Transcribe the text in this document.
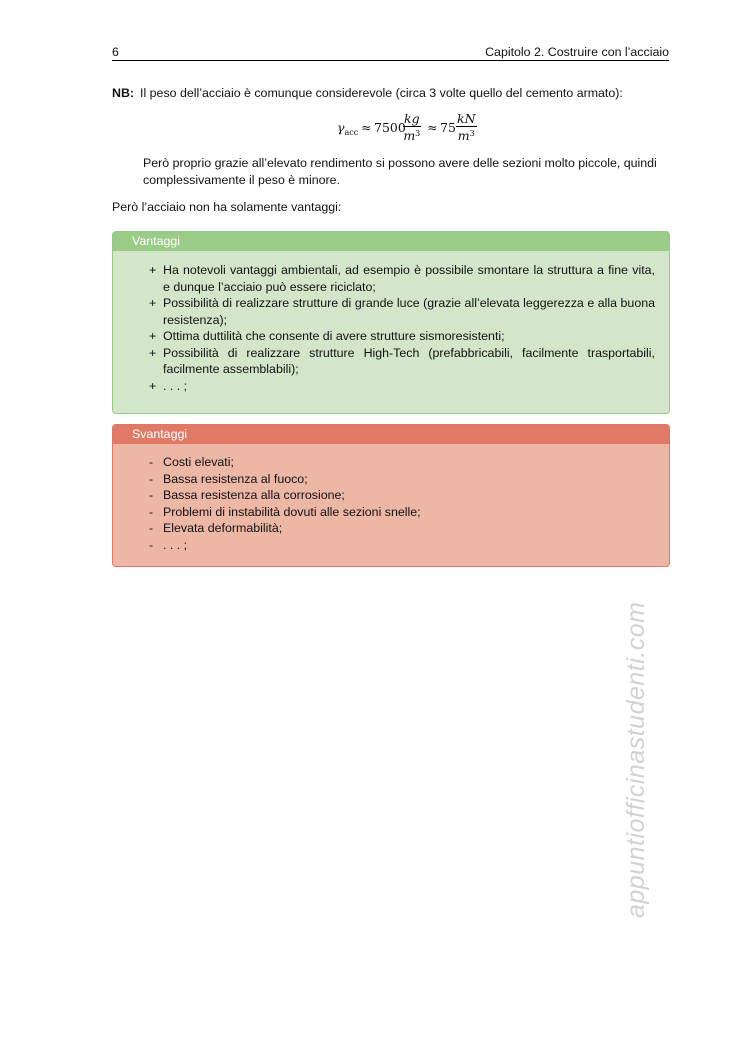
6	Capitolo 2. Costruire con l’acciaio
NB: Il peso dell’acciaio è comunque considerevole (circa 3 volte quello del cemento armato):
$\gamma_{acc} \approx 7500$
$\frac{kg}{m^3} \approx 75 \frac{kN}{m^3}$
Però proprio grazie all’elevato rendimento si possono avere delle sezioni molto piccole, quindi complessivamente il peso è minore.
Però l’acciaio non ha solamente vantaggi:
Vantaggi
+ Ha notevoli vantaggi ambientali, ad esempio è possibile smontare la struttura a fine vita, e dunque l’acciaio può essere riciclato;
+ Possibilità di realizzare strutture di grande luce (grazie all’elevata leggerezza e alla buona resistenza);
+ Ottima duttilità che consente di avere strutture sismoresistenti;
+ Possibilità di realizzare strutture High-Tech (prefabbricabili, facilmente trasportabili, facilmente assemblabili);
+ . . . ;
Svantaggi
- Costi elevati;
- Bassa resistenza al fuoco;
- Bassa resistenza alla corrosione;
- Problemi di instabilità dovuti alle sezioni snelle;
- Elevata deformabilità;
- . . . ;
appuntiofficinastudenti.com
